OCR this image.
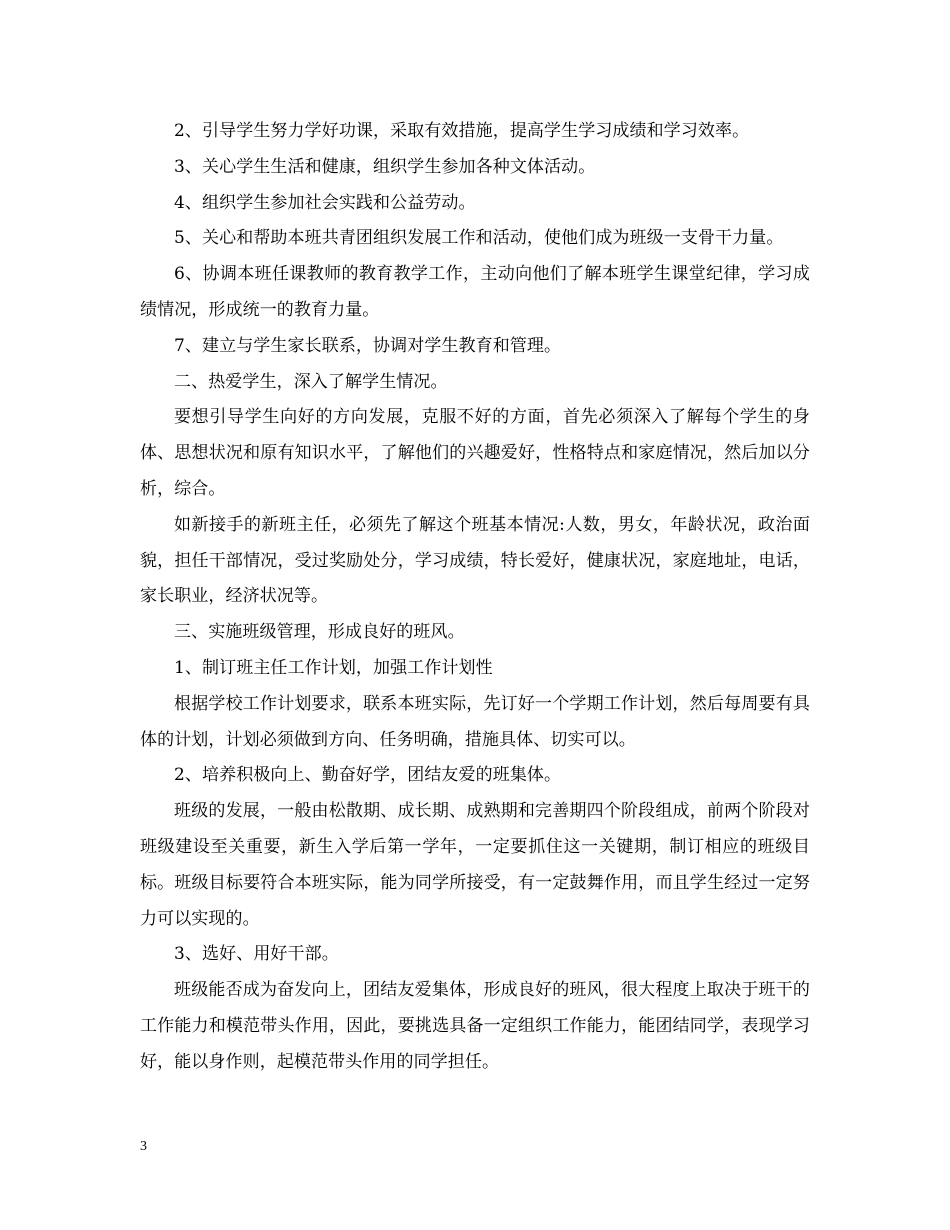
2、引导学生努力学好功课，采取有效措施，提高学生学习成绩和学习效率。

3、关心学生生活和健康，组织学生参加各种文体活动。

4、组织学生参加社会实践和公益劳动。

5、关心和帮助本班共青团组织发展工作和活动，使他们成为班级一支骨干力量。

6、协调本班任课教师的教育教学工作，主动向他们了解本班学生课堂纪律，学习成绩情况，形成统一的教育力量。

7、建立与学生家长联系，协调对学生教育和管理。

二、热爱学生，深入了解学生情况。

要想引导学生向好的方向发展，克服不好的方面，首先必须深入了解每个学生的身体、思想状况和原有知识水平，了解他们的兴趣爱好，性格特点和家庭情况，然后加以分析，综合。

如新接手的新班主任，必须先了解这个班基本情况:人数，男女，年龄状况，政治面貌，担任干部情况，受过奖励处分，学习成绩，特长爱好，健康状况，家庭地址，电话，家长职业，经济状况等。

三、实施班级管理，形成良好的班风。

1、制订班主任工作计划，加强工作计划性

根据学校工作计划要求，联系本班实际，先订好一个学期工作计划，然后每周要有具体的计划，计划必须做到方向、任务明确，措施具体、切实可以。

2、培养积极向上、勤奋好学，团结友爱的班集体。

班级的发展，一般由松散期、成长期、成熟期和完善期四个阶段组成，前两个阶段对班级建设至关重要，新生入学后第一学年，一定要抓住这一关键期，制订相应的班级目标。班级目标要符合本班实际，能为同学所接受，有一定鼓舞作用，而且学生经过一定努力可以实现的。

3、选好、用好干部。

班级能否成为奋发向上，团结友爱集体，形成良好的班风，很大程度上取决于班干的工作能力和模范带头作用，因此，要挑选具备一定组织工作能力，能团结同学，表现学习好，能以身作则，起模范带头作用的同学担任。

3
